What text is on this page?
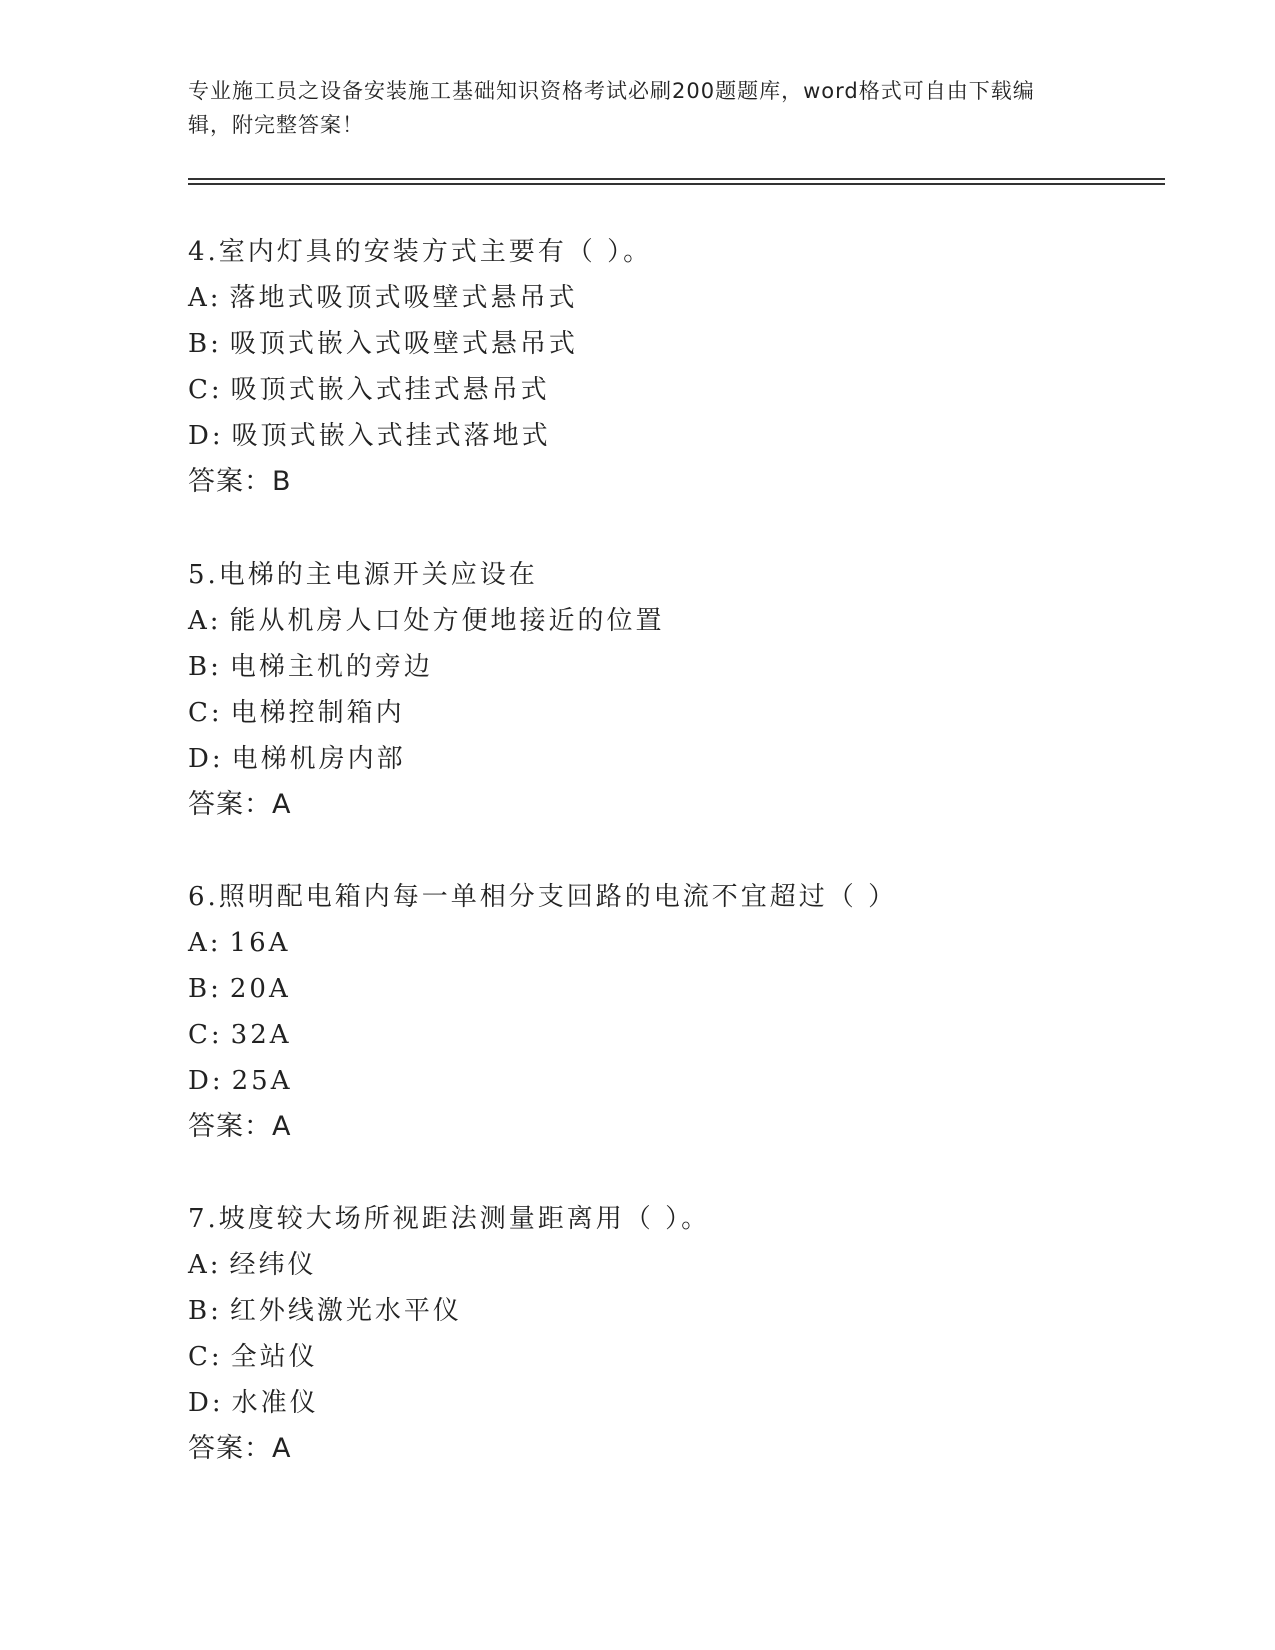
专业施工员之设备安装施工基础知识资格考试必刷200题题库，word格式可自由下载编辑，附完整答案！
4.室内灯具的安装方式主要有（ ）。
A: 落地式吸顶式吸壁式悬吊式
B: 吸顶式嵌入式吸壁式悬吊式
C: 吸顶式嵌入式挂式悬吊式
D: 吸顶式嵌入式挂式落地式
答案：B
5.电梯的主电源开关应设在
A: 能从机房人口处方便地接近的位置
B: 电梯主机的旁边
C: 电梯控制箱内
D: 电梯机房内部
答案：A
6.照明配电箱内每一单相分支回路的电流不宜超过（ ）
A: 16A
B: 20A
C: 32A
D: 25A
答案：A
7.坡度较大场所视距法测量距离用（ ）。
A: 经纬仪
B: 红外线激光水平仪
C: 全站仪
D: 水准仪
答案：A
